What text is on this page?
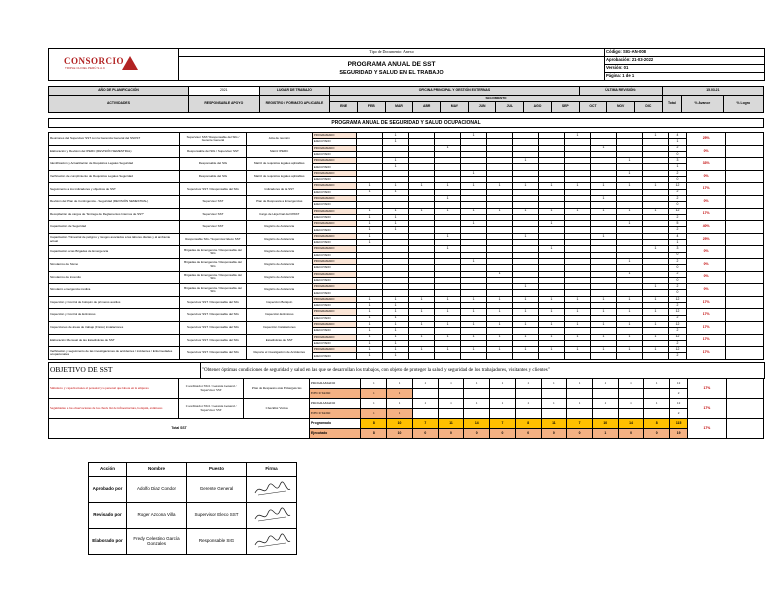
CONSORCIO
TRIPLE CH DEL PERÚ S.A.C
	Tipo de Documento: Anexo	Código: SIG-AN-008

	PROGRAMA ANUAL DE SST
SEGURIDAD Y SALUD EN EL TRABAJO	Aprobación: 21-03-2022
		Versión: 01
		Página: 1 de 1
AÑO DE PLANIFICACIÓN	2021	LUGAR DE TRABAJO	OFICINA PRINCIPAL Y GESTIÓN EXTERNAS									ÚLTIMA REVISIÓN:			15.03.21		
ACTIVIDADES	RESPONSABLE APOYO	REGISTRO / FORMATO APLICABLE	SEGUIMIENTO												Total	% Avance	% Logro
			ENE	FEB	MAR	ABR	MAY	JUN	JUL	AGO	SEP	OCT	NOV	DIC			
PROGRAMA ANUAL DE SEGURIDAD Y SALUD OCUPACIONAL
Reuniones del Supervisor SST con la Gerencia General del SSOST	Supervisor SST/ Responsable del SIG / Gerente General	Acta de reunión	PROGRAMADO		1			1				1			1	4	25%	
			EJECUTADO		1											1		
Elaboración y Revisión del IPERC (REVISIÓN SEMESTRAL)	Responsable del SIG / Supervisor SST	Matriz IPERC	PROGRAMADO				1						1			2	0%	
			EJECUTADO													0		
Identificación y Actualización de Requisitos Legales Seguridad	Responsable del SIG	Matriz de requisitos legales aplicables	PROGRAMADO		1					1				1		3	33%	
			EJECUTADO		1											1		
Verificación de cumplimiento de Requisitos Legales Seguridad	Responsable del SIG	Matriz de requisitos legales aplicables	PROGRAMADO					1						1		2	0%	
			EJECUTADO													0		
Seguimiento a los indicadores y objetivos de SST	Supervisor SST / Responsable del SIG	Indicadores de la SST	PROGRAMADO	1	1	1	1	1	1	1	1	1	1	1	1	12	17%	
			EJECUTADO	1	1											2		
Revisión del Plan de Contingencia - Seguridad (REVISIÓN SEMESTRAL)	Supervisor SST	Plan de Respuesta a Emergencias	PROGRAMADO				1						1			2	0%	
			EJECUTADO													0		
Recopilación de cargos de "Entrega de Reglamentos Internos de SST"	Supervisor SST	Cargo de Hoja final del RISST	PROGRAMADO	1	1	1	1	1	1	1	1	1	1	1	1	12	17%	
			EJECUTADO	1	1											2		
Capacitación de Seguridad	Supervisor SST	Registro de Asistencia	PROGRAMADO	1	1			1			1			1		5	40%	
			EJECUTADO	1	1											2		
Capacitación Trimestral de peligros y riesgos asociados a las labores diarias y al ambiente actual	Responsable SIG / Supervisor Eleco SST	Registro de Asistencia	PROGRAMADO	1			1			1			1			4	25%	
			EJECUTADO	1												1		
Capacitación a las Brigadas de Emergencia	Brigadas de Emergencia / Responsable del SIG	Registro de Asistencia	PROGRAMADO				1				1				1	3	0%	
			EJECUTADO													0		
Simulacros de Sismo	Brigadas de Emergencia / Responsable del SIG	Registro de Asistencia	PROGRAMADO					1						1		2	0%	
			EJECUTADO													0		
Simulacros de incendio	Brigadas de Emergencia / Responsable del SIG	Registro de Asistencia	PROGRAMADO						1					1		2	0%	
			EJECUTADO													0		
Simulacro emergencia médica	Brigadas de Emergencia / Responsable del SIG	Registro de Asistencia	PROGRAMADO							1					1	2	0%	
			EJECUTADO													0		
Inspección y Control de botiquín de primeros auxilios	Supervisor SST / Responsable del SIG	Inspección Botiquín	PROGRAMADO	1	1	1	1	1	1	1	1	1	1	1	1	12	17%	
			EJECUTADO	1	1											2		
Inspección y Control de Extintores	Supervisor SST / Responsable del SIG	Inspección Extintores	PROGRAMADO	1	1	1	1	1	1	1	1	1	1	1	1	12	17%	
			EJECUTADO	1	1											2		
Inspecciones de áreas de trabajo (Físico) instalaciones	Supervisor SST / Responsable del SIG	Inspección Instalaciones	PROGRAMADO	1	1	1	1	1	1	1	1	1	1	1	1	12	17%	
			EJECUTADO	1	1											2		
Elaboración Mensual de las Estadísticas de SST	Supervisor SST / Responsable del SIG	Estadísticas de SST	PROGRAMADO	1	1	1	1	1	1	1	1	1	1	1	1	12	17%	
			EJECUTADO	1	1											2		
Verificación y seguimiento de las investigaciones de accidentes / incidentes / Enfermedades ocupacionales	Supervisor SST / Responsable del SIG	Reporte el investigación de Accidentes	PROGRAMADO	1	1	1	1	1	1	1	1	1	1	1	1	12	17%	
			EJECUTADO	1	1											2		
OBJETIVO DE SST	"Obtener óptimas condiciones de seguridad y salud en las que se desarrollan los trabajos, con objeto de proteger la salud y seguridad de los trabajadores, visitantes y clientes"
Simulacro y capacitaciones al personal y/o personal que labore en la empresa	Coordinador SSO / Gerente General / Supervisor SST	Plan de Respuesta ante Emergencias	PROGRAMADO	1	1	1	1	1	1	1	1	1	1	1	1	12	17%	
			EJECUTADO	1	1											2		
Seguimiento a las observaciones de los check list de infraestructura, botiquín, extintores	Coordinador SSO / Gerente General / Supervisor SST	Checklist Varios	PROGRAMADO	1	1	1	1	1	1	1	1	1	1	1	1	12	17%	
			EJECUTADO	1	1											2		
Total SST	Programado	8	10	7	11	14	7	8	11	7	10	14	8	115	17%	
	Ejecutado	8	10	0	0	0	0	0	0	0	1	0	0	19		
Acción	Nombre	Puesto	Firma
Aprobado por	Adolfo Diaz Condor	Gerente General	
Revisado por	Roger Azcona Villa	Supervisor Eleco SST	
Elaborado por	Fredy Celestino García Gonzales	Responsable SIG	
